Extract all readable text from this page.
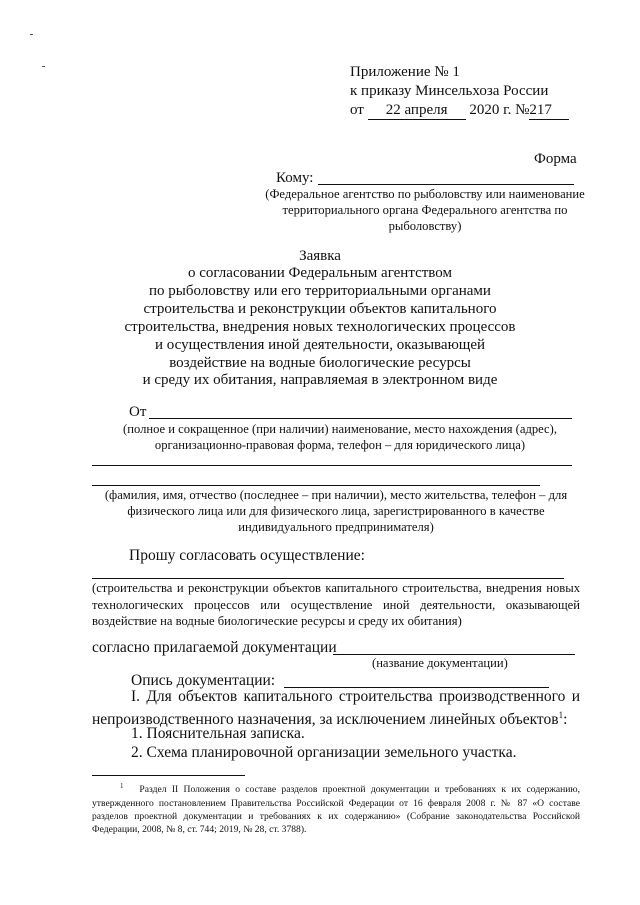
Приложение № 1
к приказу Минсельхоза России
от 22 апреля 2020 г. №217
Форма
Кому:
(Федеральное агентство по рыболовству или наименование территориального органа Федерального агентства по рыболовству)
Заявка
о согласовании Федеральным агентством
по рыболовству или его территориальными органами
строительства и реконструкции объектов капитального
строительства, внедрения новых технологических процессов
и осуществления иной деятельности, оказывающей
воздействие на водные биологические ресурсы
и среду их обитания, направляемая в электронном виде
От
(полное и сокращенное (при наличии) наименование, место нахождения (адрес), организационно-правовая форма, телефон – для юридического лица)
(фамилия, имя, отчество (последнее – при наличии), место жительства, телефон – для физического лица или для физического лица, зарегистрированного в качестве индивидуального предпринимателя)
Прошу согласовать осуществление:
(строительства и реконструкции объектов капитального строительства, внедрения новых технологических процессов или осуществление иной деятельности, оказывающей воздействие на водные биологические ресурсы и среду их обитания)
согласно прилагаемой документации
(название документации)
Опись документации:
I. Для объектов капитального строительства производственного и непроизводственного назначения, за исключением линейных объектов$^1$:
1. Пояснительная записка.
2. Схема планировочной организации земельного участка.
$^1$ Раздел II Положения о составе разделов проектной документации и требованиях к их содержанию, утвержденного постановлением Правительства Российской Федерации от 16 февраля 2008 г. № 87 «О составе разделов проектной документации и требованиях к их содержанию» (Собрание законодательства Российской Федерации, 2008, № 8, ст. 744; 2019, № 28, ст. 3788).
